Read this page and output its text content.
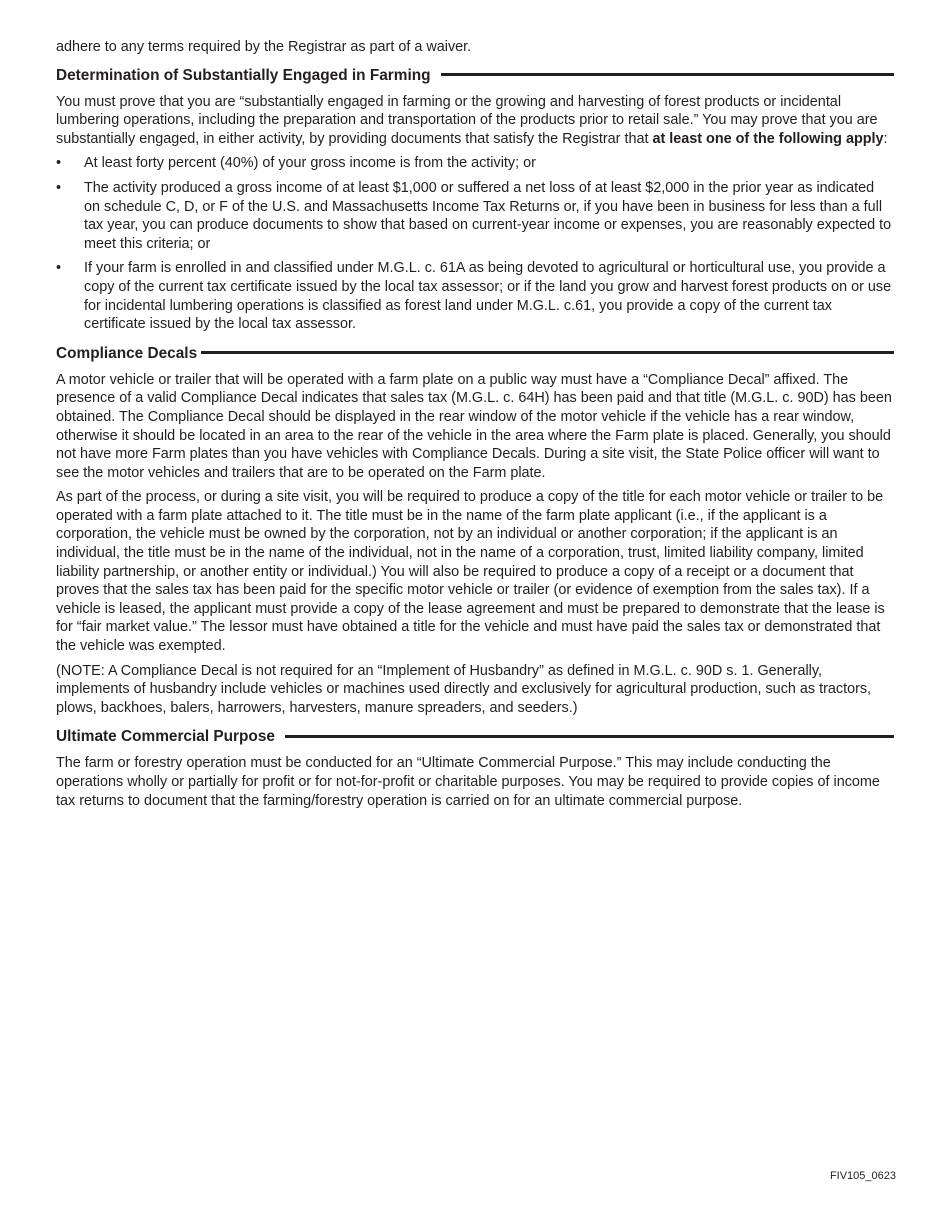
adhere to any terms required by the Registrar as part of a waiver.

Determination of Substantially Engaged in Farming

You must prove that you are “substantially engaged in farming or the growing and harvesting of forest products or incidental lumbering operations, including the preparation and transportation of the products prior to retail sale.” You may prove that you are substantially engaged, in either activity, by providing documents that satisfy the Registrar that at least one of the following apply:

• At least forty percent (40%) of your gross income is from the activity; or
• The activity produced a gross income of at least $1,000 or suffered a net loss of at least $2,000 in the prior year as indicated on schedule C, D, or F of the U.S. and Massachusetts Income Tax Returns or, if you have been in business for less than a full tax year, you can produce documents to show that based on current-year income or expenses, you are reasonably expected to meet this criteria; or
• If your farm is enrolled in and classified under M.G.L. c. 61A as being devoted to agricultural or horticultural use, you provide a copy of the current tax certificate issued by the local tax assessor; or if the land you grow and harvest forest products on or use for incidental lumbering operations is classified as forest land under M.G.L. c.61, you provide a copy of the current tax certificate issued by the local tax assessor.
Compliance Decals

A motor vehicle or trailer that will be operated with a farm plate on a public way must have a “Compliance Decal” affixed. The presence of a valid Compliance Decal indicates that sales tax (M.G.L. c. 64H) has been paid and that title (M.G.L. c. 90D) has been obtained. The Compliance Decal should be displayed in the rear window of the motor vehicle if the vehicle has a rear window, otherwise it should be located in an area to the rear of the vehicle in the area where the Farm plate is placed. Generally, you should not have more Farm plates than you have vehicles with Compliance Decals. During a site visit, the State Police officer will want to see the motor vehicles and trailers that are to be operated on the Farm plate.

As part of the process, or during a site visit, you will be required to produce a copy of the title for each motor vehicle or trailer to be operated with a farm plate attached to it. The title must be in the name of the farm plate applicant (i.e., if the applicant is a corporation, the vehicle must be owned by the corporation, not by an individual or another corporation; if the applicant is an individual, the title must be in the name of the individual, not in the name of a corporation, trust, limited liability company, limited liability partnership, or another entity or individual.) You will also be required to produce a copy of a receipt or a document that proves that the sales tax has been paid for the specific motor vehicle or trailer (or evidence of exemption from the sales tax). If a vehicle is leased, the applicant must provide a copy of the lease agreement and must be prepared to demonstrate that the lease is for “fair market value.” The lessor must have obtained a title for the vehicle and must have paid the sales tax or demonstrated that the vehicle was exempted.

(NOTE: A Compliance Decal is not required for an “Implement of Husbandry” as defined in M.G.L. c. 90D s. 1. Generally, implements of husbandry include vehicles or machines used directly and exclusively for agricultural production, such as tractors, plows, backhoes, balers, harrowers, harvesters, manure spreaders, and seeders.)

Ultimate Commercial Purpose

The farm or forestry operation must be conducted for an “Ultimate Commercial Purpose.” This may include conducting the operations wholly or partially for profit or for not-for-profit or charitable purposes. You may be required to provide copies of income tax returns to document that the farming/forestry operation is carried on for an ultimate commercial purpose.

FIV105_0623
